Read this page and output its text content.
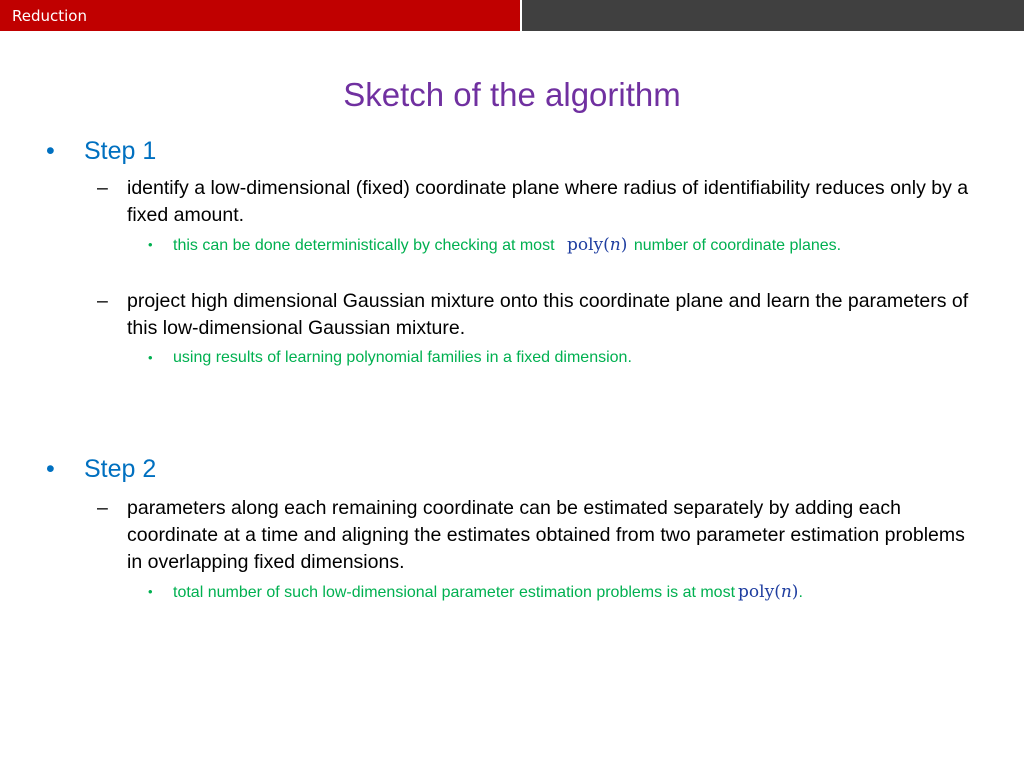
Reduction
Sketch of the algorithm
• Step 1
– identify a low-dimensional (fixed) coordinate plane where radius of identifiability reduces only by a fixed amount.
• this can be done deterministically by checking at most poly(n) number of coordinate planes.
– project high dimensional Gaussian mixture onto this coordinate plane and learn the parameters of this low-dimensional Gaussian mixture.
• using results of learning polynomial families in a fixed dimension.
• Step 2
– parameters along each remaining coordinate can be estimated separately by adding each coordinate at a time and aligning the estimates obtained from two parameter estimation problems in overlapping fixed dimensions.
• total number of such low-dimensional parameter estimation problems is at most poly(n).
